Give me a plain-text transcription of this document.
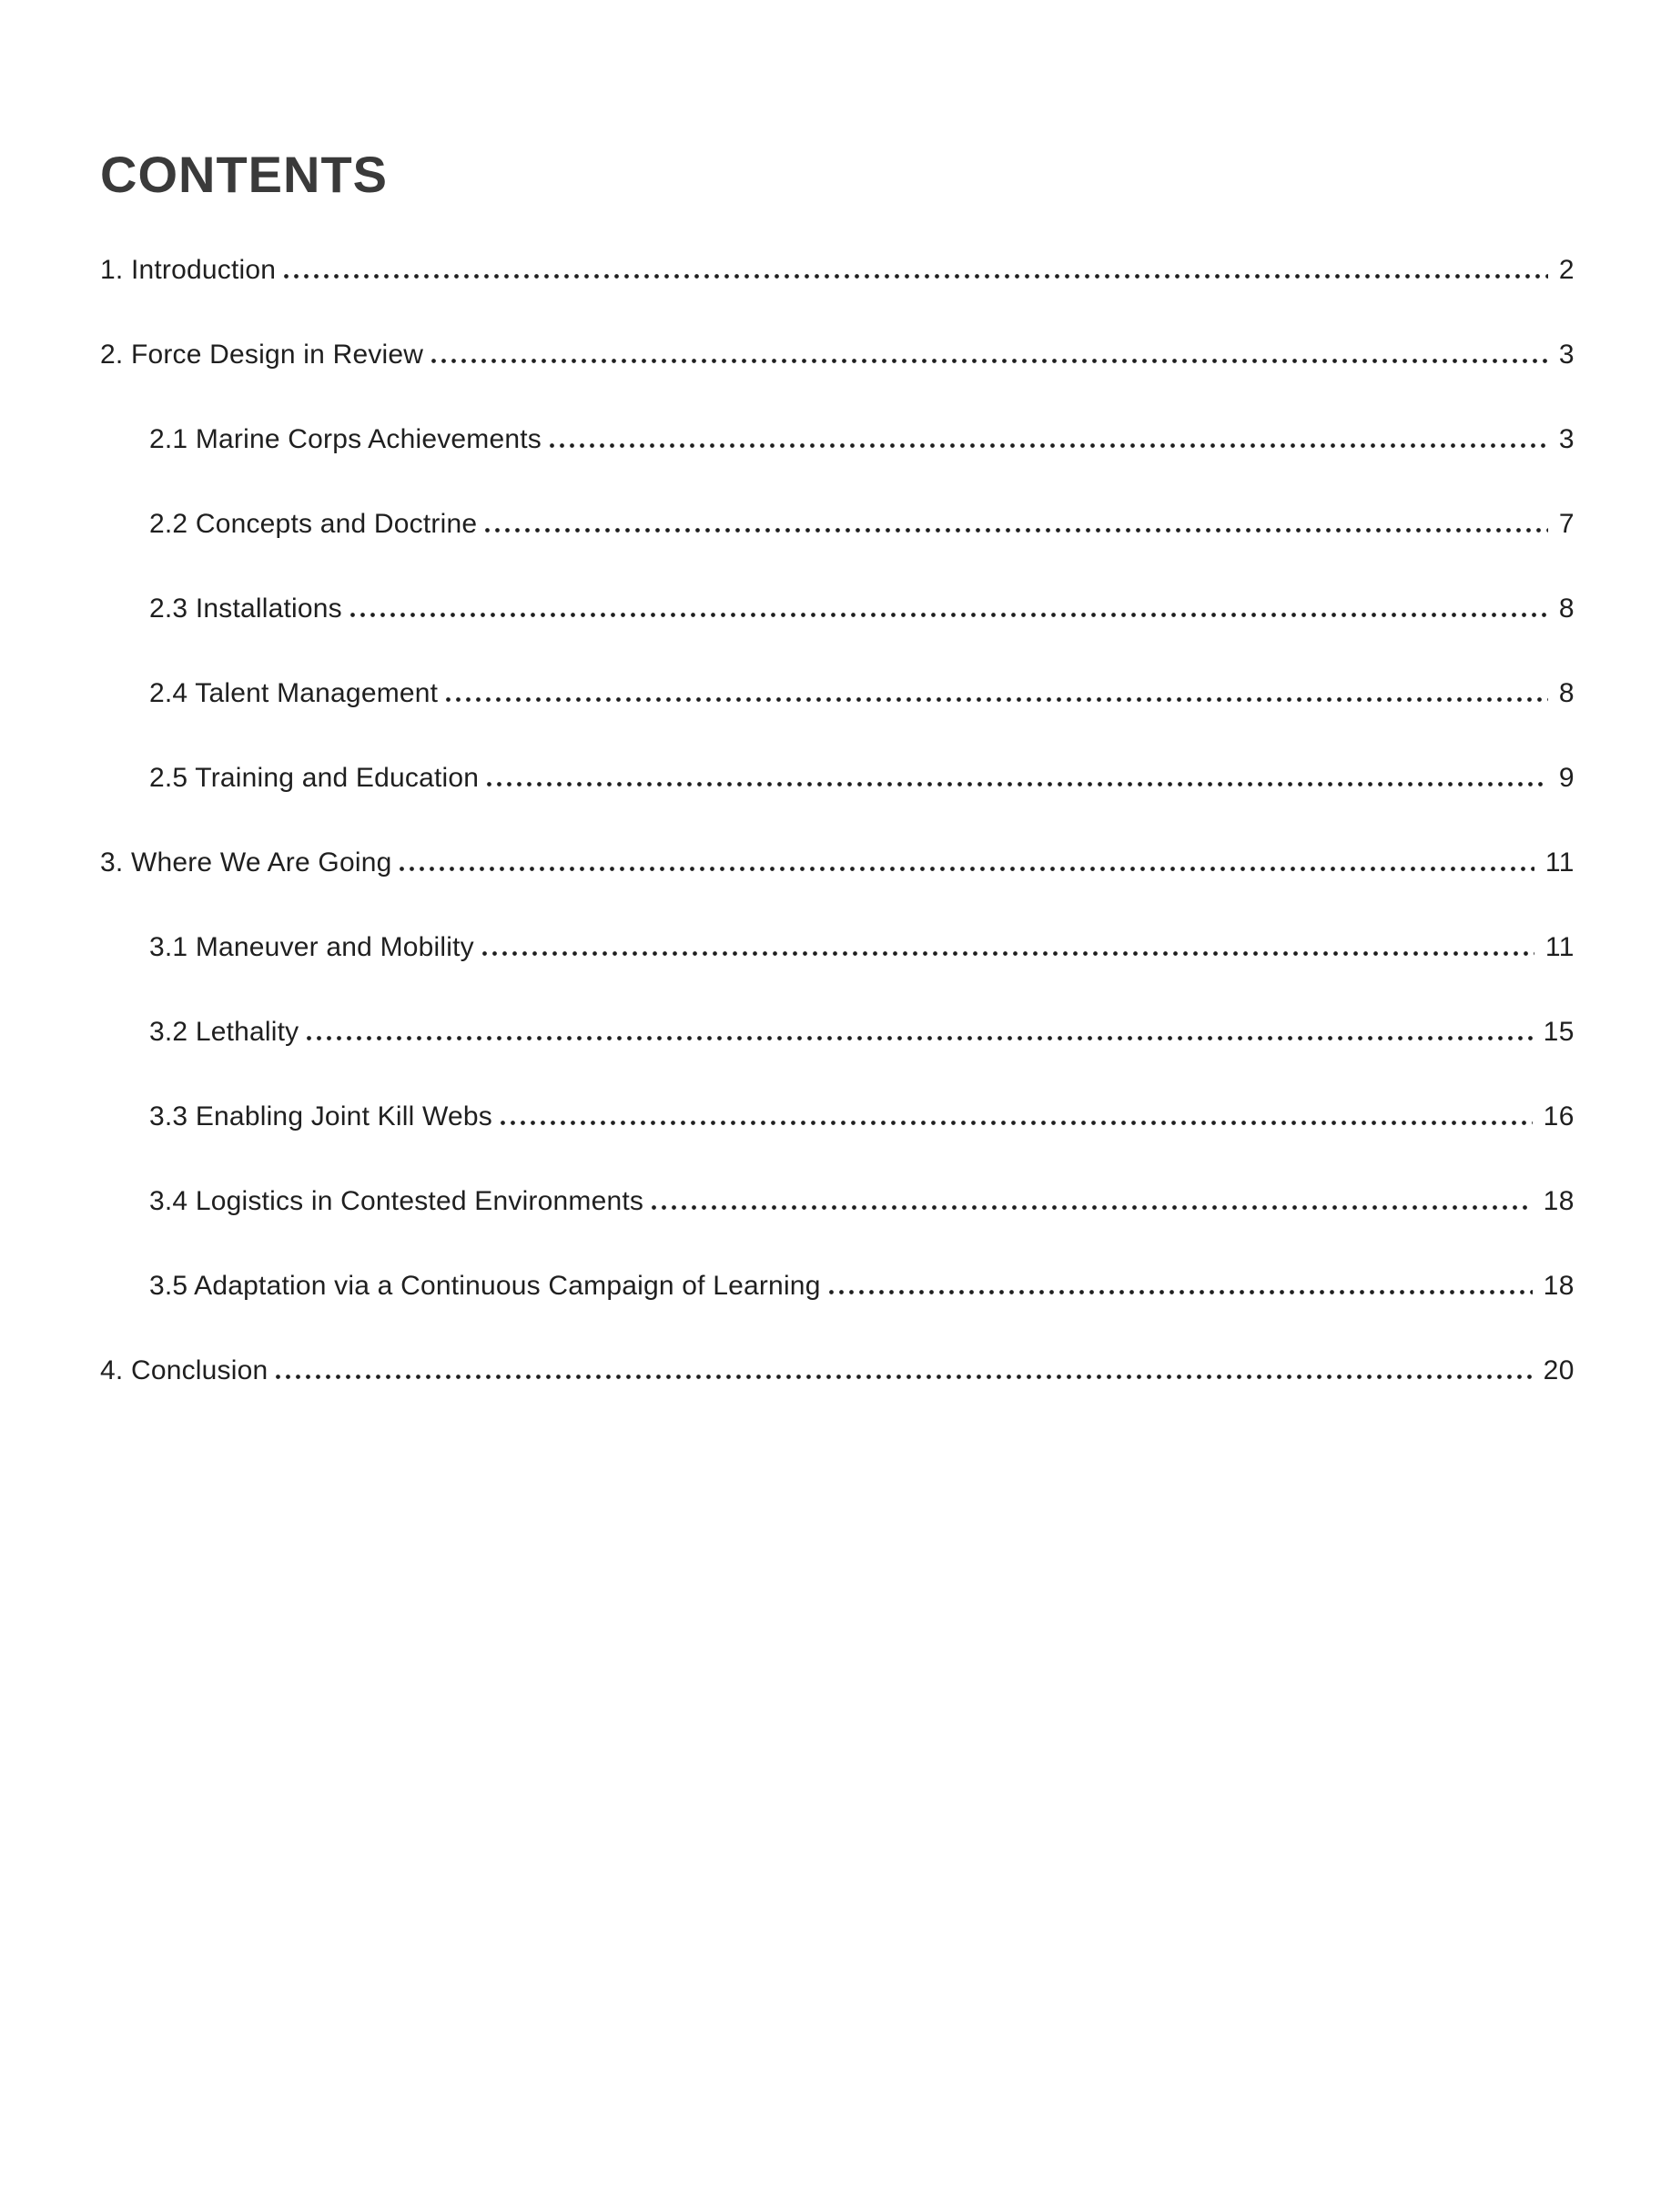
CONTENTS
1. Introduction	2
2. Force Design in Review	3
2.1 Marine Corps Achievements	3
2.2 Concepts and Doctrine	7
2.3 Installations	8
2.4 Talent Management	8
2.5 Training and Education	9
3. Where We Are Going	11
3.1 Maneuver and Mobility	11
3.2 Lethality	15
3.3 Enabling Joint Kill Webs	16
3.4 Logistics in Contested Environments	18
3.5 Adaptation via a Continuous Campaign of Learning	18
4. Conclusion	20
